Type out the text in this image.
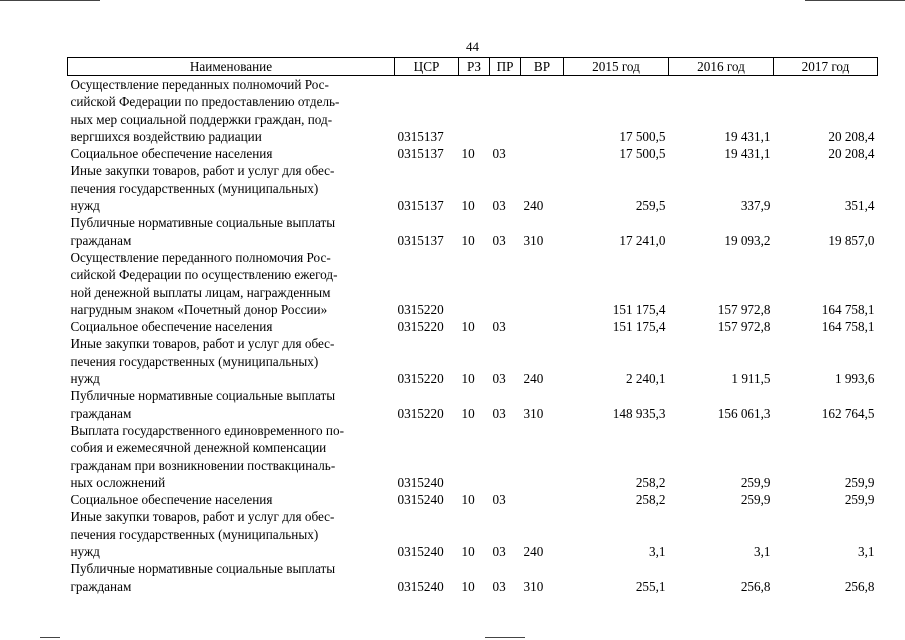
44
Наименование	ЦСР	РЗ	ПР	ВР	2015 год	2016 год	2017 год
Осуществление переданных полномочий Рос-
сийской Федерации по предоставлению отдель-
ных мер социальной поддержки граждан, под-
вергшихся воздействию радиации	0315137				17 500,5	19 431,1	20 208,4
Социальное обеспечение населения	0315137	10	03		17 500,5	19 431,1	20 208,4
Иные закупки товаров, работ и услуг для обес-
печения государственных (муниципальных)
нужд	0315137	10	03	240	259,5	337,9	351,4
Публичные нормативные социальные выплаты
гражданам	0315137	10	03	310	17 241,0	19 093,2	19 857,0
Осуществление переданного полномочия Рос-
сийской Федерации по осуществлению ежегод-
ной денежной выплаты лицам, награжденным
нагрудным знаком «Почетный донор России»	0315220				151 175,4	157 972,8	164 758,1
Социальное обеспечение населения	0315220	10	03		151 175,4	157 972,8	164 758,1
Иные закупки товаров, работ и услуг для обес-
печения государственных (муниципальных)
нужд	0315220	10	03	240	2 240,1	1 911,5	1 993,6
Публичные нормативные социальные выплаты
гражданам	0315220	10	03	310	148 935,3	156 061,3	162 764,5
Выплата государственного единовременного по-
собия и ежемесячной денежной компенсации
гражданам при возникновении поствакциналь-
ных осложнений	0315240				258,2	259,9	259,9
Социальное обеспечение населения	0315240	10	03		258,2	259,9	259,9
Иные закупки товаров, работ и услуг для обес-
печения государственных (муниципальных)
нужд	0315240	10	03	240	3,1	3,1	3,1
Публичные нормативные социальные выплаты
гражданам	0315240	10	03	310	255,1	256,8	256,8
